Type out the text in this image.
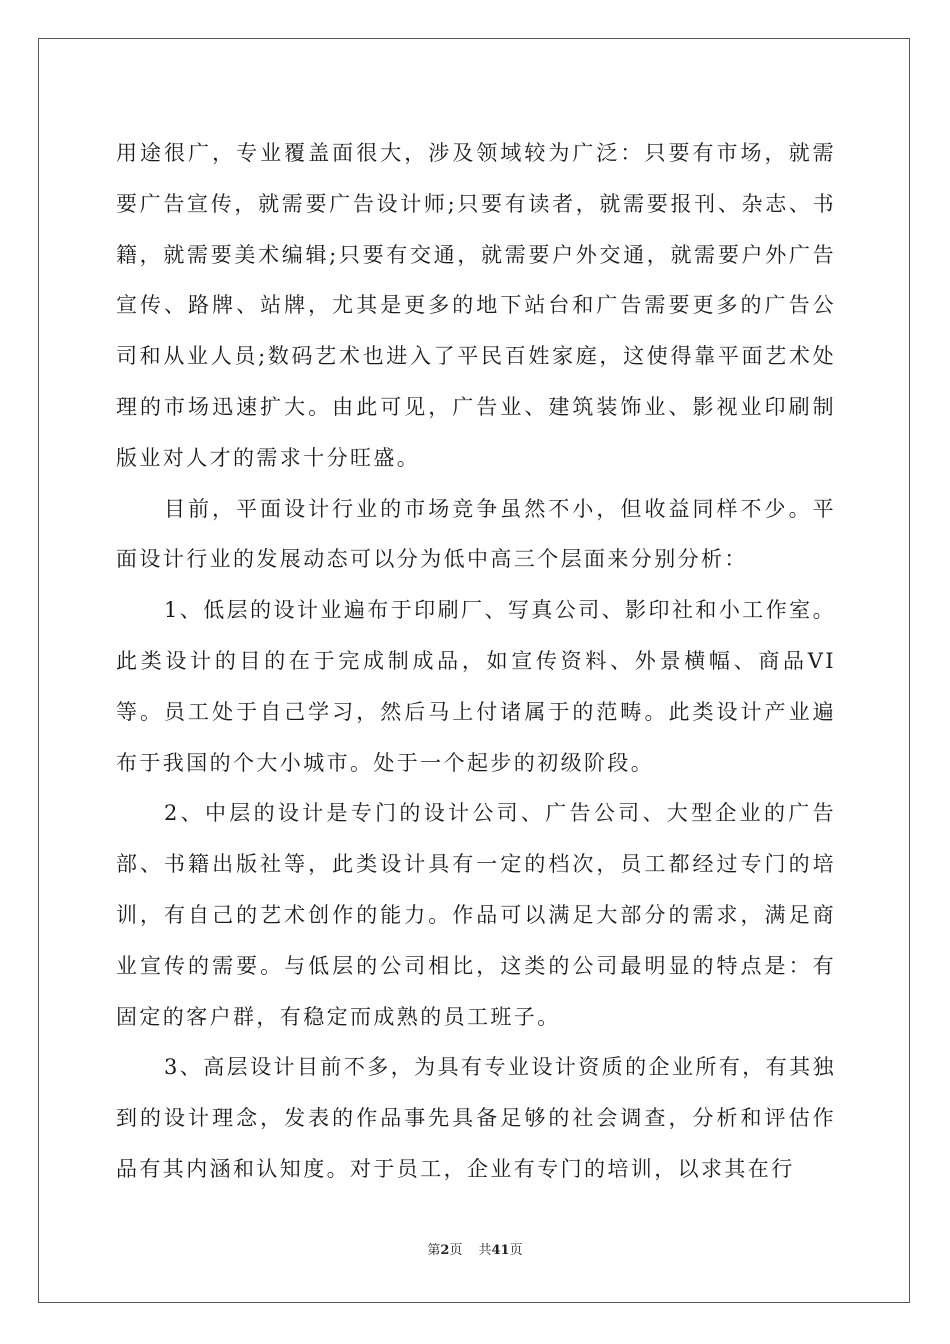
用途很广，专业覆盖面很大，涉及领域较为广泛：只要有市场，就需要广告宣传，就需要广告设计师;只要有读者，就需要报刊、杂志、书籍，就需要美术编辑;只要有交通，就需要户外交通，就需要户外广告宣传、路牌、站牌，尤其是更多的地下站台和广告需要更多的广告公司和从业人员;数码艺术也进入了平民百姓家庭，这使得靠平面艺术处理的市场迅速扩大。由此可见，广告业、建筑装饰业、影视业印刷制版业对人才的需求十分旺盛。

目前，平面设计行业的市场竞争虽然不小，但收益同样不少。平面设计行业的发展动态可以分为低中高三个层面来分别分析：

1、低层的设计业遍布于印刷厂、写真公司、影印社和小工作室。此类设计的目的在于完成制成品，如宣传资料、外景横幅、商品VI等。员工处于自己学习，然后马上付诸属于的范畴。此类设计产业遍布于我国的个大小城市。处于一个起步的初级阶段。

2、中层的设计是专门的设计公司、广告公司、大型企业的广告部、书籍出版社等，此类设计具有一定的档次，员工都经过专门的培训，有自己的艺术创作的能力。作品可以满足大部分的需求，满足商业宣传的需要。与低层的公司相比，这类的公司最明显的特点是：有固定的客户群，有稳定而成熟的员工班子。

3、高层设计目前不多，为具有专业设计资质的企业所有，有其独到的设计理念，发表的作品事先具备足够的社会调查，分析和评估作品有其内涵和认知度。对于员工，企业有专门的培训，以求其在行

第2页 共41页
